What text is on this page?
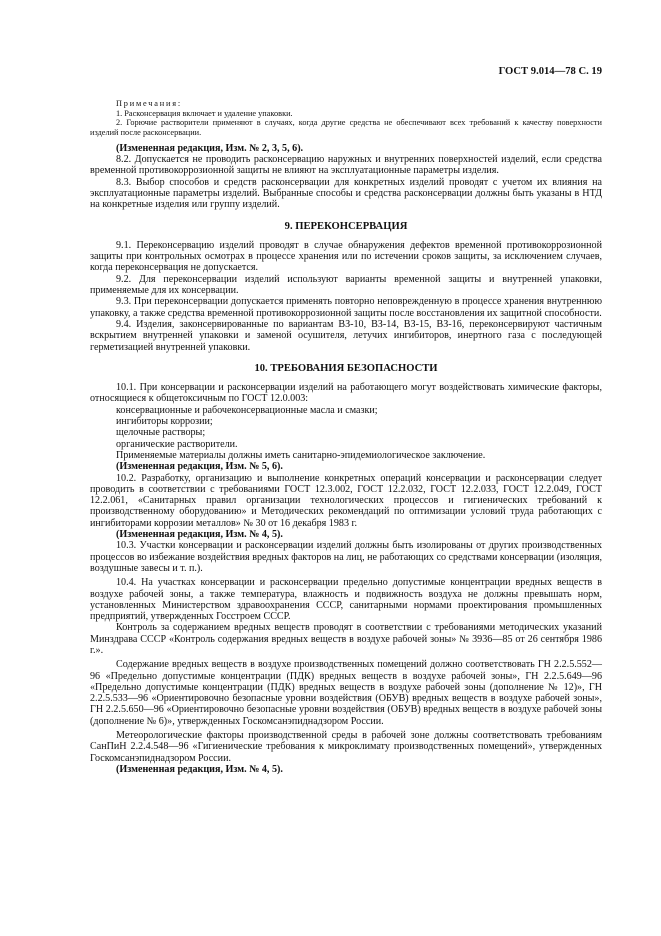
ГОСТ 9.014—78 С. 19

Примечания:

1. Расконсервация включает и удаление упаковки.

2. Горючие растворители применяют в случаях, когда другие средства не обеспечивают всех требований к качеству поверхности изделий после расконсервации.

(Измененная редакция, Изм. № 2, 3, 5, 6).

8.2. Допускается не проводить расконсервацию наружных и внутренних поверхностей изделий, если средства временной противокоррозионной защиты не влияют на эксплуатационные параметры изделия.

8.3. Выбор способов и средств расконсервации для конкретных изделий проводят с учетом их влияния на эксплуатационные параметры изделий. Выбранные способы и средства расконсервации должны быть указаны в НТД на конкретные изделия или группу изделий.

9. ПЕРЕКОНСЕРВАЦИЯ

9.1. Переконсервацию изделий проводят в случае обнаружения дефектов временной противокоррозионной защиты при контрольных осмотрах в процессе хранения или по истечении сроков защиты, за исключением случаев, когда переконсервация не допускается.

9.2. Для переконсервации изделий используют варианты временной защиты и внутренней упаковки, применяемые для их консервации.

9.3. При переконсервации допускается применять повторно неповрежденную в процессе хранения внутреннюю упаковку, а также средства временной противокоррозионной защиты после восстановления их защитной способности.

9.4. Изделия, законсервированные по вариантам ВЗ-10, ВЗ-14, ВЗ-15, ВЗ-16, переконсервируют частичным вскрытием внутренней упаковки и заменой осушителя, летучих ингибиторов, инертного газа с последующей герметизацией внутренней упаковки.

10. ТРЕБОВАНИЯ БЕЗОПАСНОСТИ

10.1. При консервации и расконсервации изделий на работающего могут воздействовать химические факторы, относящиеся к общетоксичным по ГОСТ 12.0.003:

консервационные и рабочеконсервационные масла и смазки;

ингибиторы коррозии;

щелочные растворы;

органические растворители.

Применяемые материалы должны иметь санитарно-эпидемиологическое заключение.

(Измененная редакция, Изм. № 5, 6).

10.2. Разработку, организацию и выполнение конкретных операций консервации и расконсервации следует проводить в соответствии с требованиями ГОСТ 12.3.002, ГОСТ 12.2.032, ГОСТ 12.2.033, ГОСТ 12.2.049, ГОСТ 12.2.061, «Санитарных правил организации технологических процессов и гигиенических требований к производственному оборудованию» и Методических рекомендаций по оптимизации условий труда работающих с ингибиторами коррозии металлов» № 30 от 16 декабря 1983 г.

(Измененная редакция, Изм. № 4, 5).

10.3. Участки консервации и расконсервации изделий должны быть изолированы от других производственных процессов во избежание воздействия вредных факторов на лиц, не работающих со средствами консервации (изоляция, воздушные завесы и т. п.).

10.4. На участках консервации и расконсервации предельно допустимые концентрации вредных веществ в воздухе рабочей зоны, а также температура, влажность и подвижность воздуха не должны превышать норм, установленных Министерством здравоохранения СССР, санитарными нормами проектирования промышленных предприятий, утвержденных Госстроем СССР.

Контроль за содержанием вредных веществ проводят в соответствии с требованиями методических указаний Минздрава СССР «Контроль содержания вредных веществ в воздухе рабочей зоны» № 3936—85 от 26 сентября 1986 г.».

Содержание вредных веществ в воздухе производственных помещений должно соответствовать ГН 2.2.5.552—96 «Предельно допустимые концентрации (ПДК) вредных веществ в воздухе рабочей зоны», ГН 2.2.5.649—96 «Предельно допустимые концентрации (ПДК) вредных веществ в воздухе рабочей зоны (дополнение № 12)», ГН 2.2.5.533—96 «Ориентировочно безопасные уровни воздействия (ОБУВ) вредных веществ в воздухе рабочей зоны», ГН 2.2.5.650—96 «Ориентировочно безопасные уровни воздействия (ОБУВ) вредных веществ в воздухе рабочей зоны (дополнение № 6)», утвержденных Госкомсанэпиднадзором России.

Метеорологические факторы производственной среды в рабочей зоне должны соответствовать требованиям СанПиН 2.2.4.548—96 «Гигиенические требования к микроклимату производственных помещений», утвержденных Госкомсанэпиднадзором России.

(Измененная редакция, Изм. № 4, 5).
